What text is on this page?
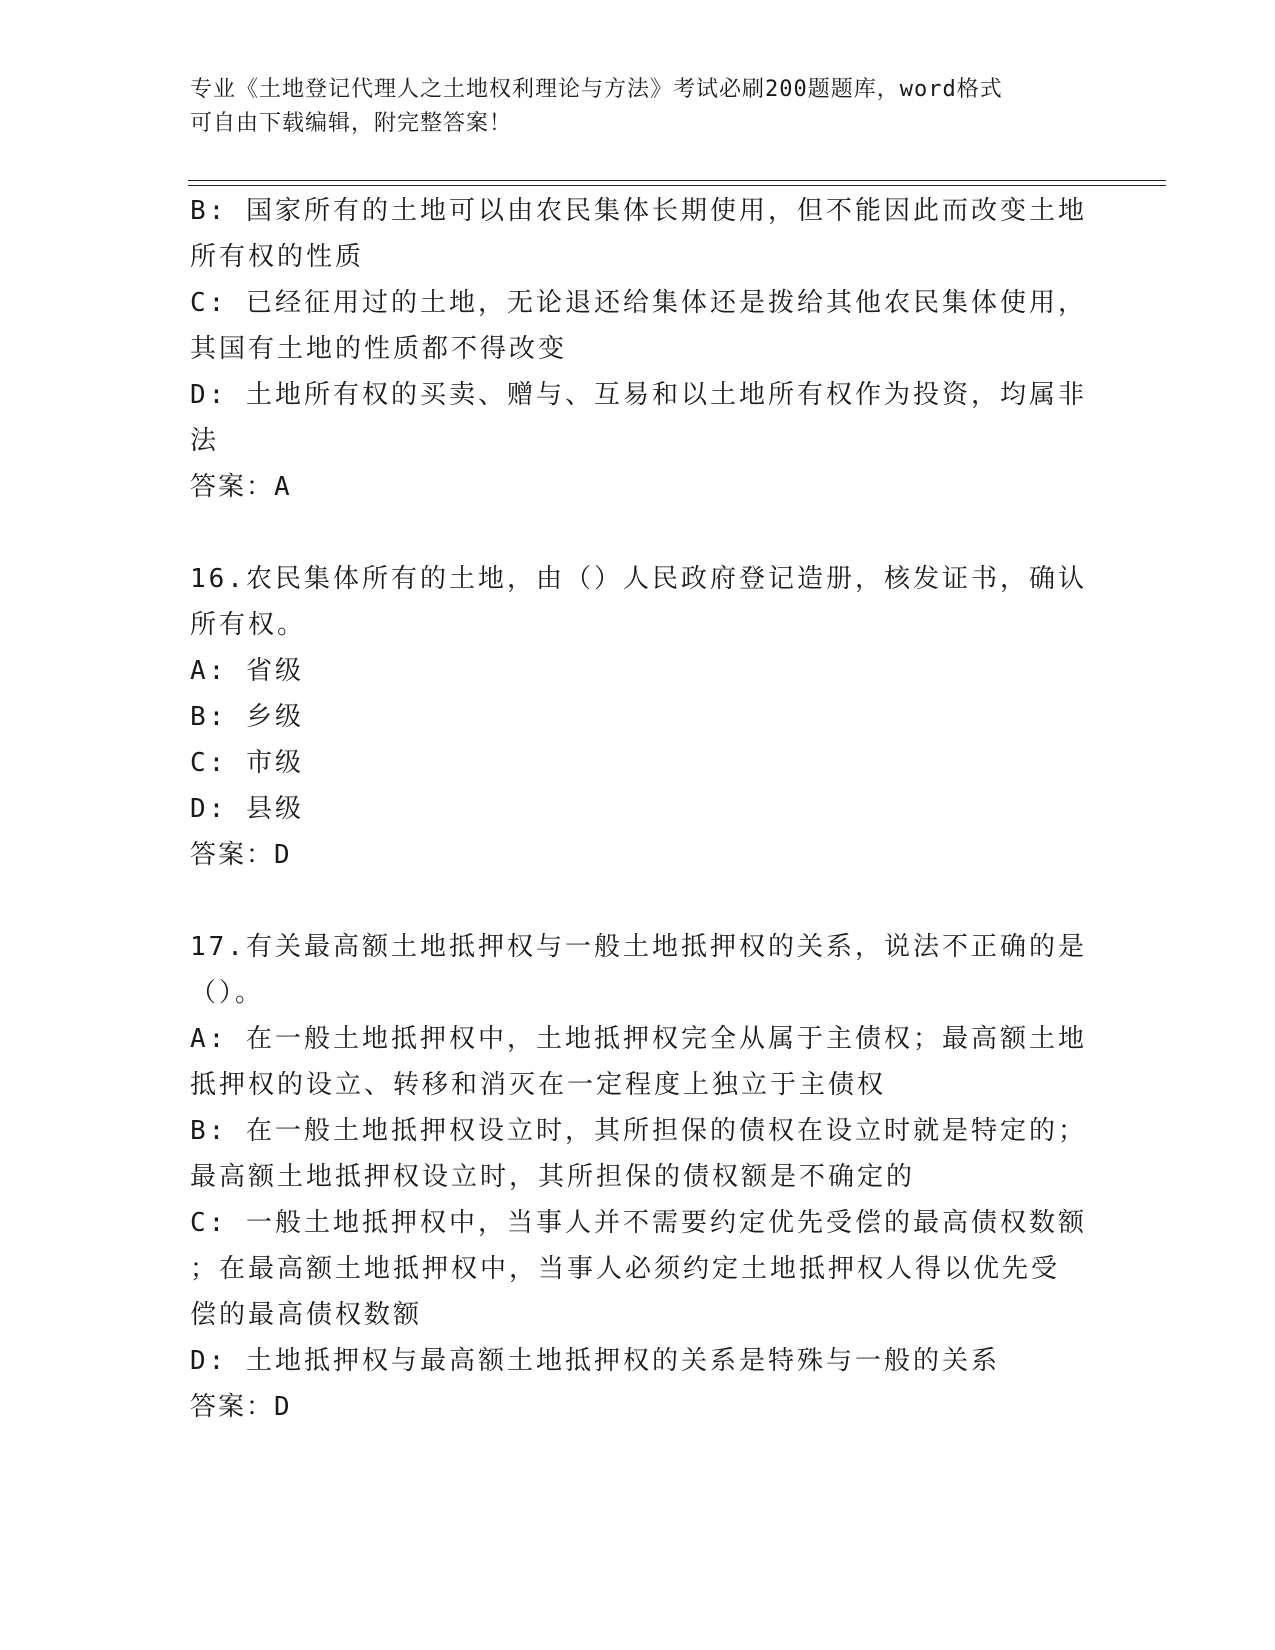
专业《土地登记代理人之土地权利理论与方法》考试必刷200题题库，word格式
可自由下载编辑，附完整答案！
B: 国家所有的土地可以由农民集体长期使用，但不能因此而改变土地
所有权的性质
C: 已经征用过的土地，无论退还给集体还是拨给其他农民集体使用，
其国有土地的性质都不得改变
D: 土地所有权的买卖、赠与、互易和以土地所有权作为投资，均属非
法
答案：A
16.农民集体所有的土地，由（）人民政府登记造册，核发证书，确认
所有权。
A: 省级
B: 乡级
C: 市级
D: 县级
答案：D
17.有关最高额土地抵押权与一般土地抵押权的关系，说法不正确的是
（）。
A: 在一般土地抵押权中，土地抵押权完全从属于主债权；最高额土地
抵押权的设立、转移和消灭在一定程度上独立于主债权
B: 在一般土地抵押权设立时，其所担保的债权在设立时就是特定的；
最高额土地抵押权设立时，其所担保的债权额是不确定的
C: 一般土地抵押权中，当事人并不需要约定优先受偿的最高债权数额
；在最高额土地抵押权中，当事人必须约定土地抵押权人得以优先受
偿的最高债权数额
D: 土地抵押权与最高额土地抵押权的关系是特殊与一般的关系
答案：D
